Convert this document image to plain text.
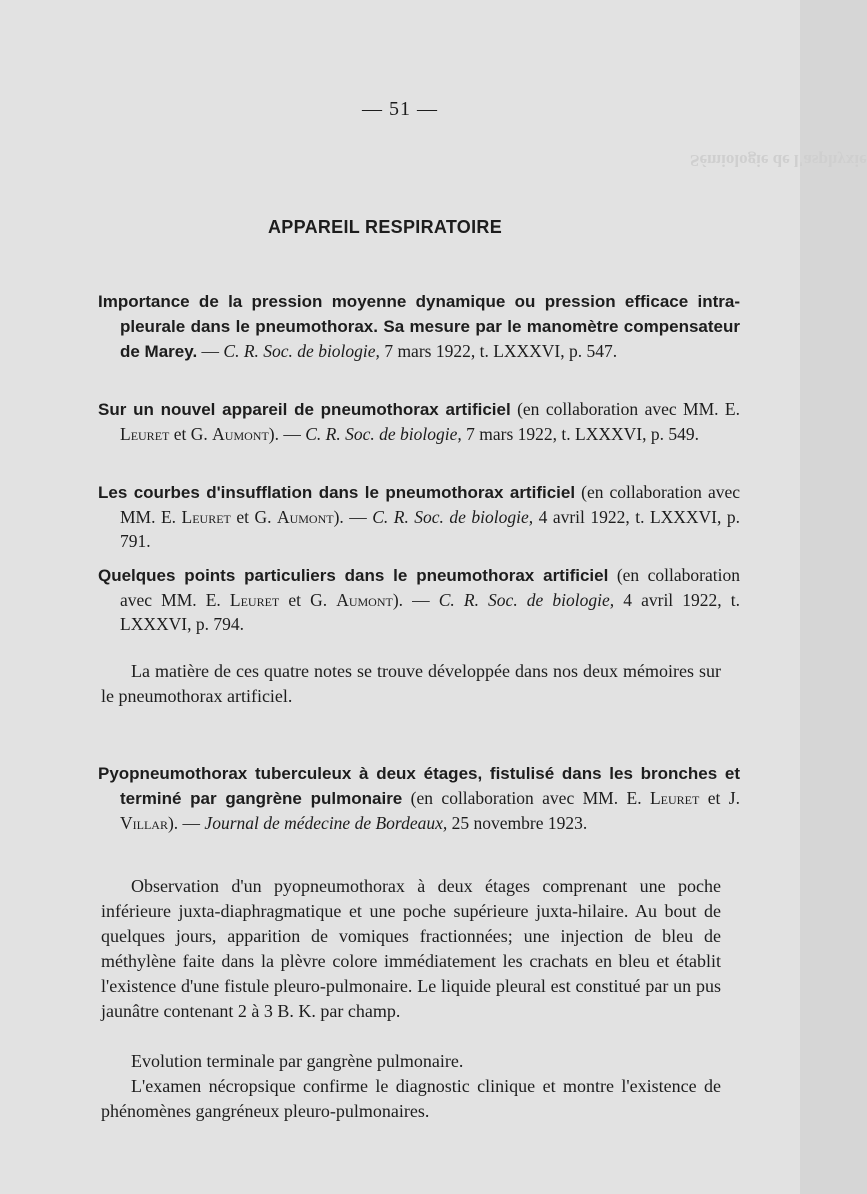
Sémiologie de l'asphyxie
— 51 —
APPAREIL RESPIRATOIRE
Importance de la pression moyenne dynamique ou pression efficace intra-pleurale dans le pneumothorax. Sa mesure par le manomètre compensateur de Marey. — C. R. Soc. de biologie, 7 mars 1922, t. LXXXVI, p. 547.
Sur un nouvel appareil de pneumothorax artificiel (en collaboration avec MM. E. Leuret et G. Aumont). — C. R. Soc. de biologie, 7 mars 1922, t. LXXXVI, p. 549.
Les courbes d'insufflation dans le pneumothorax artificiel (en collaboration avec MM. E. Leuret et G. Aumont). — C. R. Soc. de biologie, 4 avril 1922, t. LXXXVI, p. 791.
Quelques points particuliers dans le pneumothorax artificiel (en collaboration avec MM. E. Leuret et G. Aumont). — C. R. Soc. de biologie, 4 avril 1922, t. LXXXVI, p. 794.
La matière de ces quatre notes se trouve développée dans nos deux mémoires sur le pneumothorax artificiel.
Pyopneumothorax tuberculeux à deux étages, fistulisé dans les bronches et terminé par gangrène pulmonaire (en collaboration avec MM. E. Leuret et J. Villar). — Journal de médecine de Bordeaux, 25 novembre 1923.
Observation d'un pyopneumothorax à deux étages comprenant une poche inférieure juxta-diaphragmatique et une poche supérieure juxta-hilaire. Au bout de quelques jours, apparition de vomiques fractionnées; une injection de bleu de méthylène faite dans la plèvre colore immédiatement les crachats en bleu et établit l'existence d'une fistule pleuro-pulmonaire. Le liquide pleural est constitué par un pus jaunâtre contenant 2 à 3 B. K. par champ.
Evolution terminale par gangrène pulmonaire.
L'examen nécropsique confirme le diagnostic clinique et montre l'existence de phénomènes gangréneux pleuro-pulmonaires.
